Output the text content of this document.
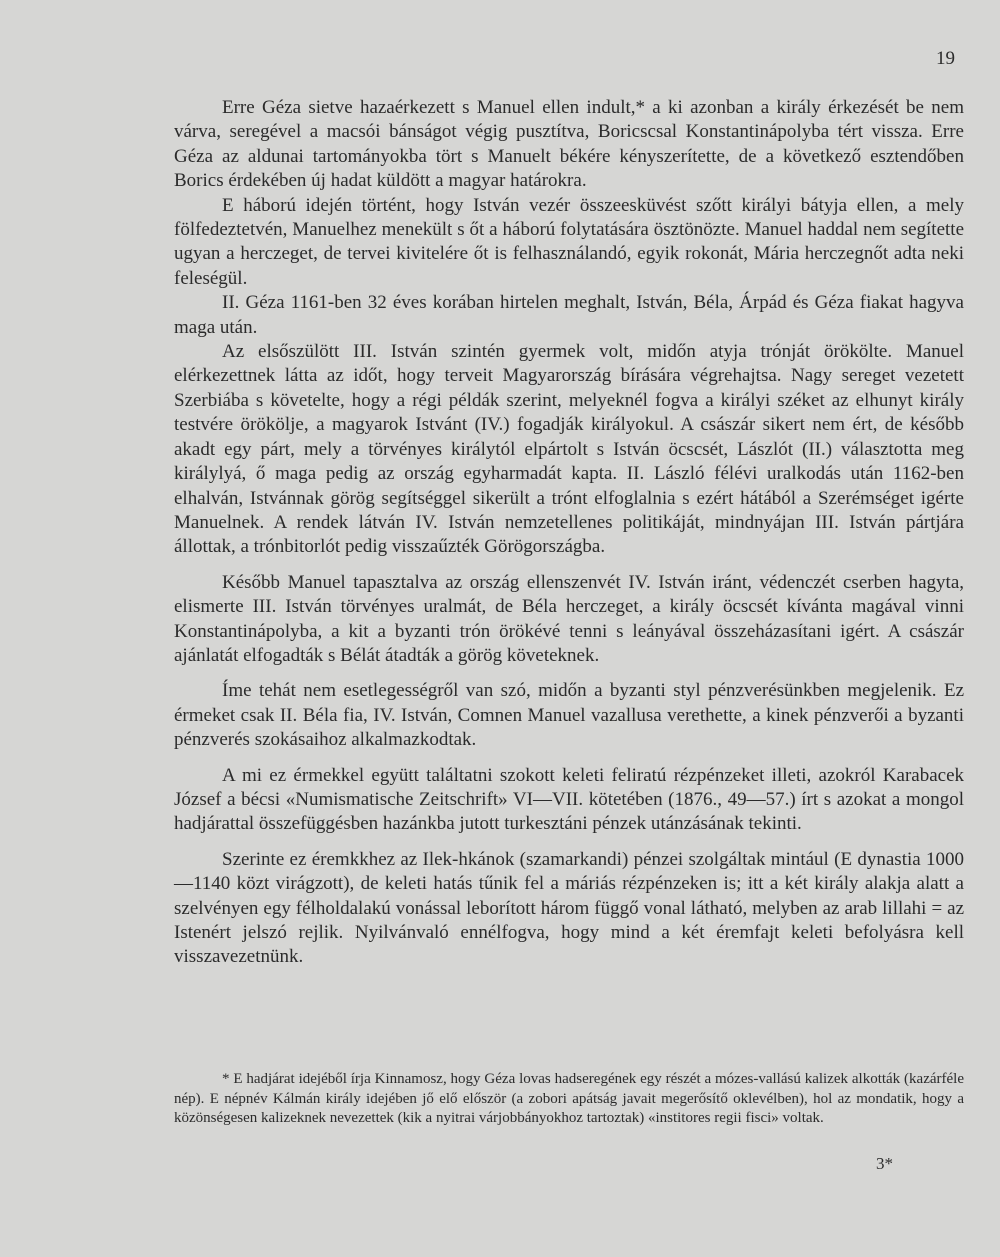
19

Erre Géza sietve hazaérkezett s Manuel ellen indult,* a ki azonban a király érkezését be nem várva, seregével a macsói bánságot végig pusztítva, Boricscsal Konstantinápolyba tért vissza. Erre Géza az aldunai tartományokba tört s Manuelt békére kényszerítette, de a következő esztendőben Borics érdekében új hadat küldött a magyar határokra.

E háború idején történt, hogy István vezér összeesküvést szőtt királyi bátyja ellen, a mely fölfedeztetvén, Manuelhez menekült s őt a háború folytatására ösztönözte. Manuel haddal nem segítette ugyan a herczeget, de tervei kivitelére őt is felhasználandó, egyik rokonát, Mária herczegnőt adta neki feleségül.

II. Géza 1161-ben 32 éves korában hirtelen meghalt, István, Béla, Árpád és Géza fiakat hagyva maga után.

Az elsőszülött III. István szintén gyermek volt, midőn atyja trónját örökölte. Manuel elérkezettnek látta az időt, hogy terveit Magyarország bírására végrehajtsa. Nagy sereget vezetett Szerbiába s követelte, hogy a régi példák szerint, melyeknél fogva a királyi széket az elhunyt király testvére örökölje, a magyarok Istvánt (IV.) fogadják királyokul. A császár sikert nem ért, de később akadt egy párt, mely a törvényes királytól elpártolt s István öcscsét, Lászlót (II.) választotta meg királylyá, ő maga pedig az ország egyharmadát kapta. II. László félévi uralkodás után 1162-ben elhalván, Istvánnak görög segítséggel sikerült a trónt elfoglalnia s ezért hátából a Szerémséget igérte Manuelnek. A rendek látván IV. István nemzetellenes politikáját, mindnyájan III. István pártjára állottak, a trónbitorlót pedig visszaűzték Görögországba.

Később Manuel tapasztalva az ország ellenszenvét IV. István iránt, védenczét cserben hagyta, elismerte III. István törvényes uralmát, de Béla herczeget, a király öcscsét kívánta magával vinni Konstantinápolyba, a kit a byzanti trón örökévé tenni s leányával összeházasítani igért. A császár ajánlatát elfogadták s Bélát átadták a görög követeknek.

Íme tehát nem esetlegességről van szó, midőn a byzanti styl pénzverésünkben megjelenik. Ez érmeket csak II. Béla fia, IV. István, Comnen Manuel vazallusa verethette, a kinek pénzverői a byzanti pénzverés szokásaihoz alkalmazkodtak.

A mi ez érmekkel együtt találtatni szokott keleti feliratú rézpénzeket illeti, azokról Karabacek József a bécsi «Numismatische Zeitschrift» VI—VII. kötetében (1876., 49—57.) írt s azokat a mongol hadjárattal összefüggésben hazánkba jutott turkesztáni pénzek utánzásának tekinti.

Szerinte ez éremkkhez az Ilek-hkánok (szamarkandi) pénzei szolgáltak mintául (E dynastia 1000—1140 közt virágzott), de keleti hatás tűnik fel a máriás rézpénzeken is; itt a két király alakja alatt a szelvényen egy félholdalakú vonással leborított három függő vonal látható, melyben az arab lillahi = az Istenért jelszó rejlik. Nyilvánvaló ennélfogva, hogy mind a két éremfajt keleti befolyásra kell visszavezetnünk.

* E hadjárat idejéből írja Kinnamosz, hogy Géza lovas hadseregének egy részét a mózes-vallású kalizek alkották (kazárféle nép). E népnév Kálmán király idejében jő elő először (a zobori apátság javait megerősítő oklevélben), hol az mondatik, hogy a közönségesen kalizeknek nevezettek (kik a nyitrai várjobbányokhoz tartoztak) «institores regii fisci» voltak.

3*
